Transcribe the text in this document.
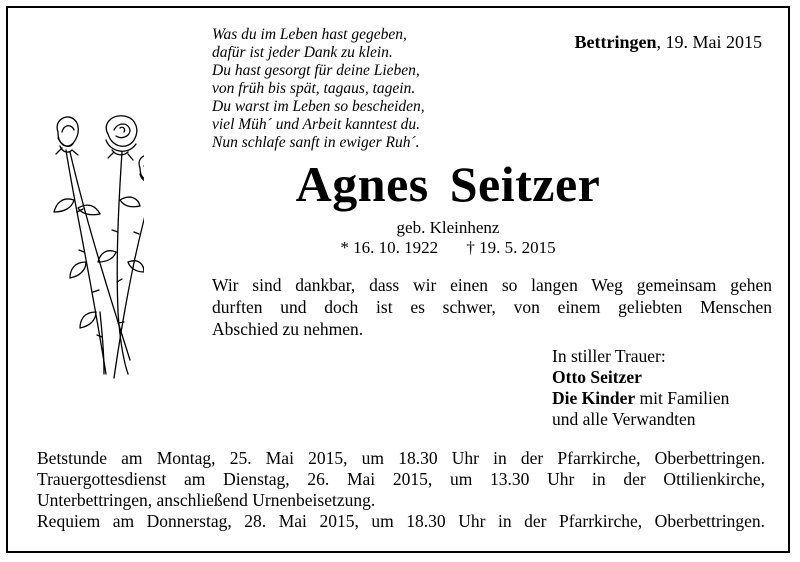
Was du im Leben hast gegeben,
dafür ist jeder Dank zu klein.
Du hast gesorgt für deine Lieben,
von früh bis spät, tagaus, tagein.
Du warst im Leben so bescheiden,
viel Müh´ und Arbeit kanntest du.
Nun schlafe sanft in ewiger Ruh´.
Bettringen, 19. Mai 2015
Agnes Seitzer
geb. Kleinhenz
* 16. 10. 1922 † 19. 5. 2015
Wir sind dankbar, dass wir einen so langen Weg gemeinsam gehen
durften und doch ist es schwer, von einem geliebten Menschen
Abschied zu nehmen.
In stiller Trauer:
Otto Seitzer
Die Kinder mit Familien
und alle Verwandten
Betstunde am Montag, 25. Mai 2015, um 18.30 Uhr in der Pfarrkirche, Oberbettringen.
Trauergottesdienst am Dienstag, 26. Mai 2015, um 13.30 Uhr in der Ottilienkirche,
Unterbettringen, anschließend Urnenbeisetzung.
Requiem am Donnerstag, 28. Mai 2015, um 18.30 Uhr in der Pfarrkirche, Oberbettringen.
